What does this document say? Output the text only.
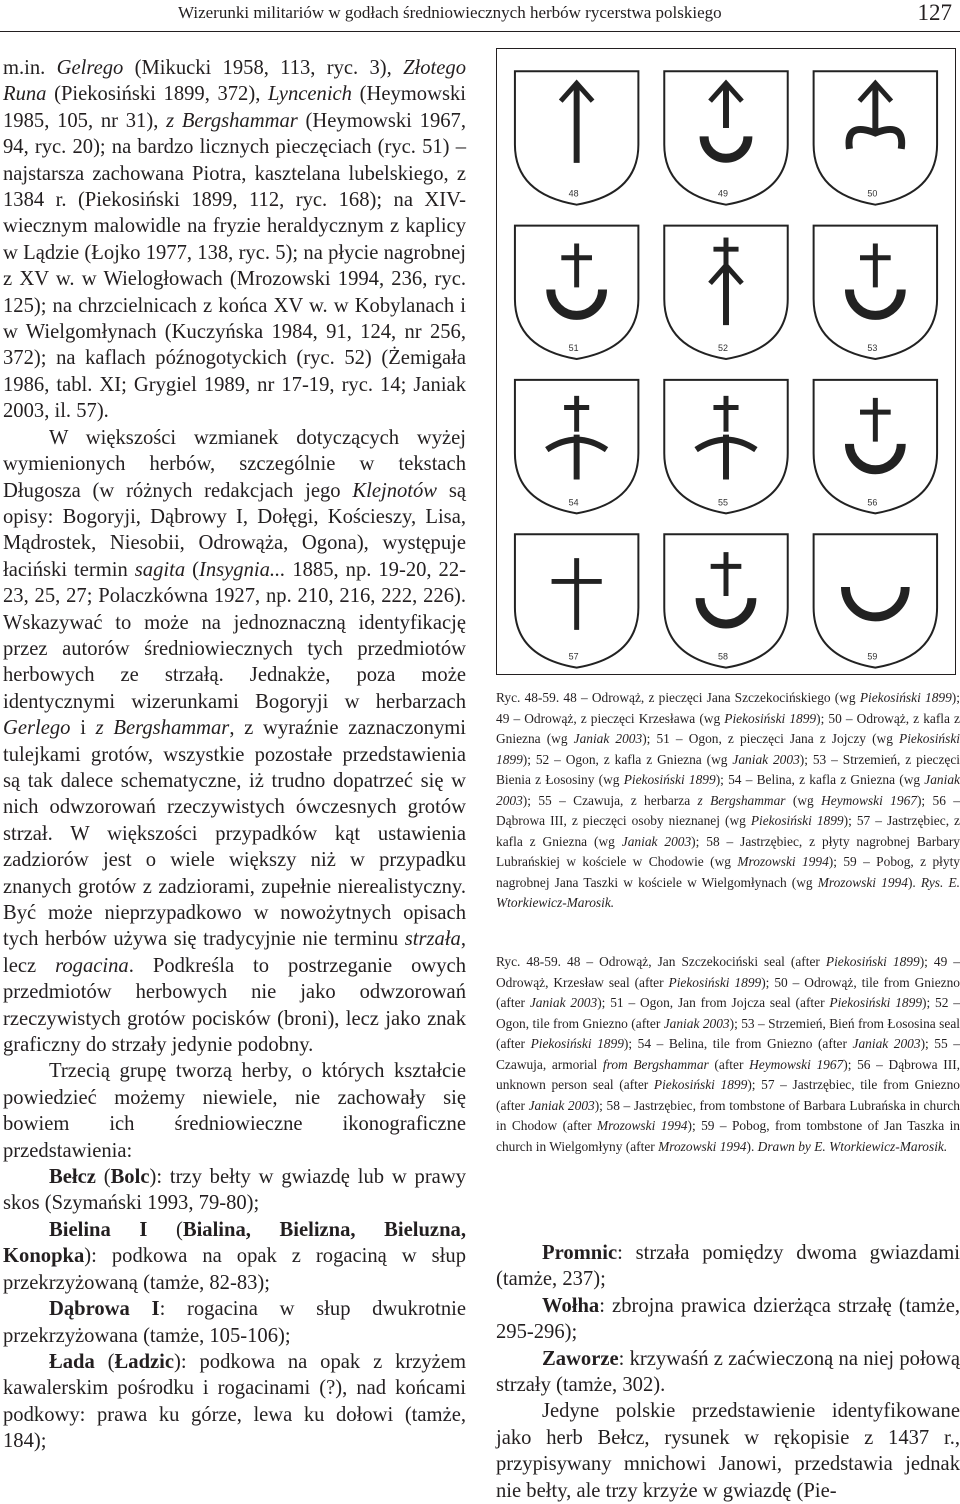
Wizerunki militariów w godłach średniowiecznych herbów rycerstwa polskiego	127

m.in. Gelrego (Mikucki 1958, 113, ryc. 3), Złotego Runa (Piekosiński 1899, 372), Lyncenich (Heymowski 1985, 105, nr 31), z Bergshammar (Heymowski 1967, 94, ryc. 20); na bardzo licznych pieczęciach (ryc. 51) – najstarsza zachowana Piotra, kasztelana lubelskiego, z 1384 r. (Piekosiński 1899, 112, ryc. 168); na XIV-wiecznym malowidle na fryzie heraldycznym z kaplicy w Lądzie (Łojko 1977, 138, ryc. 5); na płycie nagrobnej z XV w. w Wielogłowach (Mrozowski 1994, 236, ryc. 125); na chrzcielnicach z końca XV w. w Kobylanach i w Wielgomłynach (Kuczyńska 1984, 91, 124, nr 256, 372); na kaflach późnogotyckich (ryc. 52) (Żemigała 1986, tabl. XI; Grygiel 1989, nr 17-19, ryc. 14; Janiak 2003, il. 57).

W większości wzmianek dotyczących wyżej wymienionych herbów, szczególnie w tekstach Długosza (w różnych redakcjach jego Klejnotów są opisy: Bogoryji, Dąbrowy I, Dołęgi, Kościeszy, Lisa, Mądrostek, Niesobii, Odrowąża, Ogona), występuje łaciński termin sagita (Insygnia... 1885, np. 19-20, 22-23, 25, 27; Polaczkówna 1927, np. 210, 216, 222, 226). Wskazywać to może na jednoznaczną identyfikację przez autorów średniowiecznych tych przedmiotów herbowych ze strzałą. Jednakże, poza może identycznymi wizerunkami Bogoryji w herbarzach Gerlego i z Bergshammar, z wyraźnie zaznaczonymi tulejkami grotów, wszystkie pozostałe przedstawienia są tak dalece schematyczne, iż trudno dopatrzeć się w nich odwzorowań rzeczywistych ówczesnych grotów strzał. W większości przypadków kąt ustawienia zadziorów jest o wiele większy niż w przypadku znanych grotów z zadziorami, zupełnie nierealistyczny. Być może nieprzypadkowo w nowożytnych opisach tych herbów używa się tradycyjnie nie terminu strzała, lecz rogacina. Podkreśla to postrzeganie owych przedmiotów herbowych nie jako odwzorowań rzeczywistych grotów pocisków (broni), lecz jako znak graficzny do strzały jedynie podobny.

Trzecią grupę tworzą herby, o których kształcie powiedzieć możemy niewiele, nie zachowały się bowiem ich średniowieczne ikonograficzne przedstawienia:

Bełcz (Bolc): trzy bełty w gwiazdę lub w prawy skos (Szymański 1993, 79-80);

Bielina I (Bialina, Bielizna, Bieluzna, Konopka): podkowa na opak z rogaciną w słup przekrzyżowaną (tamże, 82-83);

Dąbrowa I: rogacina w słup dwukrotnie przekrzyżowana (tamże, 105-106);

Łada (Ładzic): podkowa na opak z krzyżem kawalerskim pośrodku i rogacinami (?), nad końcami podkowy: prawa ku górze, lewa ku dołowi (tamże, 184);

48	49	50
51	52	53
54	55	56
57	58	59

Ryc. 48-59. 48 – Odrowąż, z pieczęci Jana Szczekocińskiego (wg Piekosiński 1899); 49 – Odrowąż, z pieczęci Krzesława (wg Piekosiński 1899); 50 – Odrowąż, z kafla z Gniezna (wg Janiak 2003); 51 – Ogon, z pieczęci Jana z Jojczy (wg Piekosiński 1899); 52 – Ogon, z kafla z Gniezna (wg Janiak 2003); 53 – Strzemień, z pieczęci Bienia z Łososiny (wg Piekosiński 1899); 54 – Belina, z kafla z Gniezna (wg Janiak 2003); 55 – Czawuja, z herbarza z Bergshammar (wg Heymowski 1967); 56 – Dąbrowa III, z pieczęci osoby nieznanej (wg Piekosiński 1899); 57 – Jastrzębiec, z kafla z Gniezna (wg Janiak 2003); 58 – Jastrzębiec, z płyty nagrobnej Barbary Lubrańskiej w kościele w Chodowie (wg Mrozowski 1994); 59 – Pobog, z płyty nagrobnej Jana Taszki w kościele w Wielgomłynach (wg Mrozowski 1994). Rys. E. Wtorkiewicz-Marosik.

Ryc. 48-59. 48 – Odrowąż, Jan Szczekociński seal (after Piekosiński 1899); 49 – Odrowąż, Krzesław seal (after Piekosiński 1899); 50 – Odrowąż, tile from Gniezno (after Janiak 2003); 51 – Ogon, Jan from Jojcza seal (after Piekosiński 1899); 52 – Ogon, tile from Gniezno (after Janiak 2003); 53 – Strzemień, Bień from Łososina seal (after Piekosiński 1899); 54 – Belina, tile from Gniezno (after Janiak 2003); 55 – Czawuja, armorial from Bergshammar (after Heymowski 1967); 56 – Dąbrowa III, unknown person seal (after Piekosiński 1899); 57 – Jastrzębiec, tile from Gniezno (after Janiak 2003); 58 – Jastrzębiec, from tombstone of Barbara Lubrańska in church in Chodow (after Mrozowski 1994); 59 – Pobog, from tombstone of Jan Taszka in church in Wielgomłyny (after Mrozowski 1994). Drawn by E. Wtorkiewicz-Marosik.

Promnic: strzała pomiędzy dwoma gwiazdami (tamże, 237);

Wołha: zbrojna prawica dzierżąca strzałę (tamże, 295-296);

Zaworze: krzywaśń z zaćwieczoną na niej połową strzały (tamże, 302).

Jedyne polskie przedstawienie identyfikowane jako herb Bełcz, rysunek w rękopisie z 1437 r., przypisywany mnichowi Janowi, przedstawia jednak nie bełty, ale trzy krzyże w gwiazdę (Pie-
